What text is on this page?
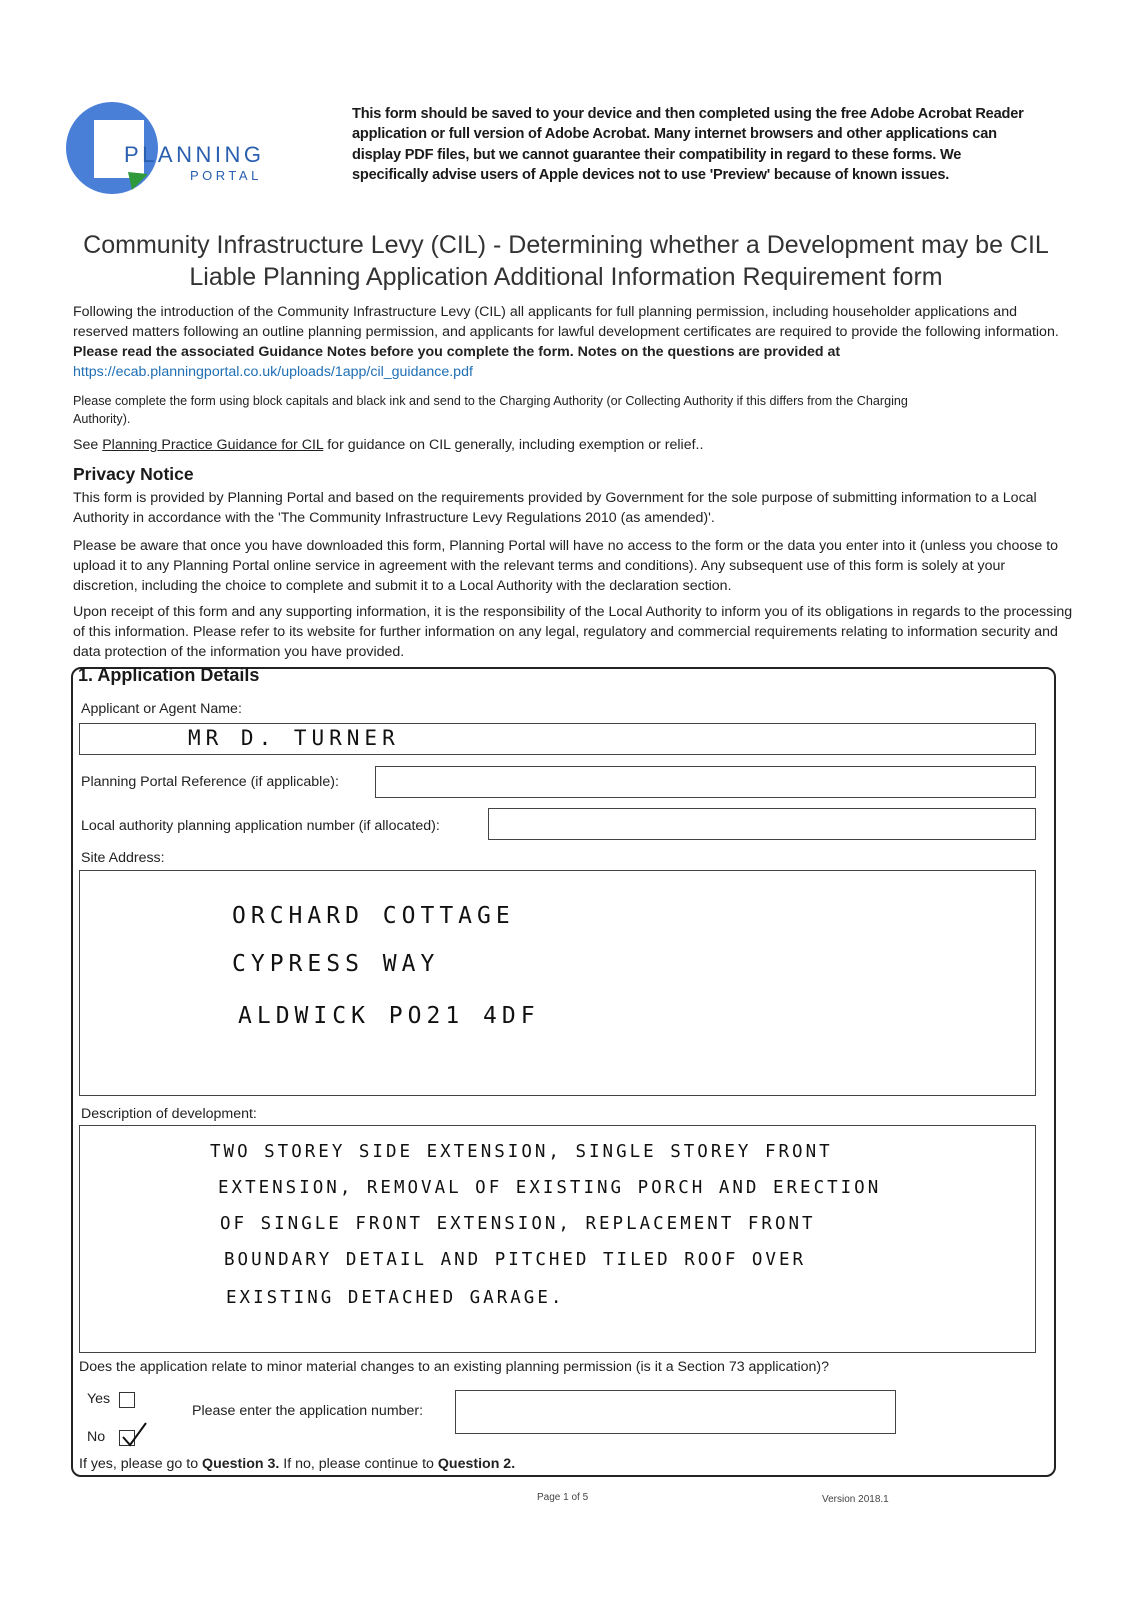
PLANNING
PORTAL
This form should be saved to your device and then completed using the free Adobe Acrobat Reader application or full version of Adobe Acrobat. Many internet browsers and other applications can display PDF files, but we cannot guarantee their compatibility in regard to these forms. We specifically advise users of Apple devices not to use 'Preview' because of known issues.
Community Infrastructure Levy (CIL) - Determining whether a Development may be CIL
Liable Planning Application Additional Information Requirement form
Following the introduction of the Community Infrastructure Levy (CIL) all applicants for full planning permission, including householder applications and reserved matters following an outline planning permission, and applicants for lawful development certificates are required to provide the following information. Please read the associated Guidance Notes before you complete the form. Notes on the questions are provided at https://ecab.planningportal.co.uk/uploads/1app/cil_guidance.pdf
Please complete the form using block capitals and black ink and send to the Charging Authority (or Collecting Authority if this differs from the Charging Authority).
See Planning Practice Guidance for CIL for guidance on CIL generally, including exemption or relief..
Privacy Notice
This form is provided by Planning Portal and based on the requirements provided by Government for the sole purpose of submitting information to a Local Authority in accordance with the 'The Community Infrastructure Levy Regulations 2010 (as amended)'.
Please be aware that once you have downloaded this form, Planning Portal will have no access to the form or the data you enter into it (unless you choose to upload it to any Planning Portal online service in agreement with the relevant terms and conditions). Any subsequent use of this form is solely at your discretion, including the choice to complete and submit it to a Local Authority with the declaration section.
Upon receipt of this form and any supporting information, it is the responsibility of the Local Authority to inform you of its obligations in regards to the processing of this information. Please refer to its website for further information on any legal, regulatory and commercial requirements relating to information security and data protection of the information you have provided.
1. Application Details
Applicant or Agent Name:
MR D. TURNER
Planning Portal Reference (if applicable):
Local authority planning application number (if allocated):
Site Address:
ORCHARD COTTAGE
CYPRESS WAY
ALDWICK PO21 4DF
Description of development:
TWO STOREY SIDE EXTENSION, SINGLE STOREY FRONT
EXTENSION, REMOVAL OF EXISTING PORCH AND ERECTION
OF SINGLE FRONT EXTENSION, REPLACEMENT FRONT
BOUNDARY DETAIL AND PITCHED TILED ROOF OVER
EXISTING DETACHED GARAGE.
Does the application relate to minor material changes to an existing planning permission (is it a Section 73 application)?
Yes
No
Please enter the application number:
If yes, please go to Question 3. If no, please continue to Question 2.
Page 1 of 5	Version 2018.1
